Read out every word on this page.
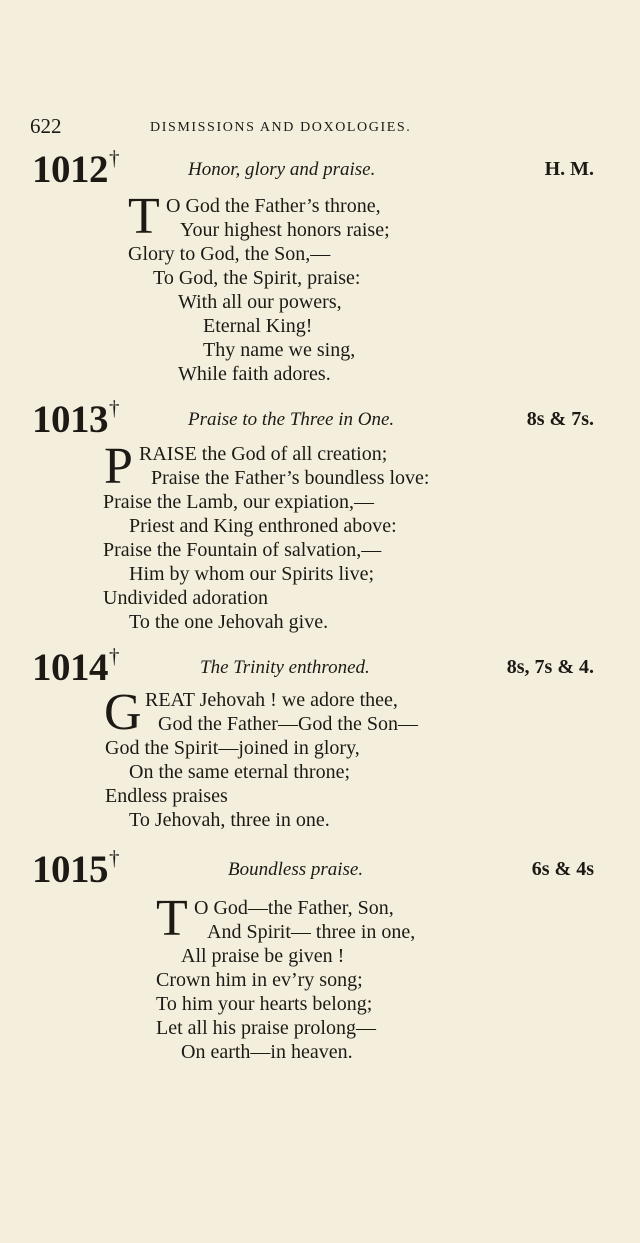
622	DISMISSIONS AND DOXOLOGIES.
1012†	Honor, glory and praise.	H. M.
T O God the Father’s throne,
Your highest honors raise;
Glory to God, the Son,—
To God, the Spirit, praise:
With all our powers,
Eternal King!
Thy name we sing,
While faith adores.
1013†	Praise to the Three in One.	8s & 7s.
P RAISE the God of all creation;
Praise the Father’s boundless love:
Praise the Lamb, our expiation,—
Priest and King enthroned above:
Praise the Fountain of salvation,—
Him by whom our Spirits live;
Undivided adoration
To the one Jehovah give.
1014†	The Trinity enthroned.	8s, 7s & 4.
G REAT Jehovah ! we adore thee,
God the Father—God the Son—
God the Spirit—joined in glory,
On the same eternal throne;
Endless praises
To Jehovah, three in one.
1015†	Boundless praise.	6s & 4s
T O God—the Father, Son,
And Spirit— three in one,
All praise be given !
Crown him in ev’ry song;
To him your hearts belong;
Let all his praise prolong—
On earth—in heaven.
